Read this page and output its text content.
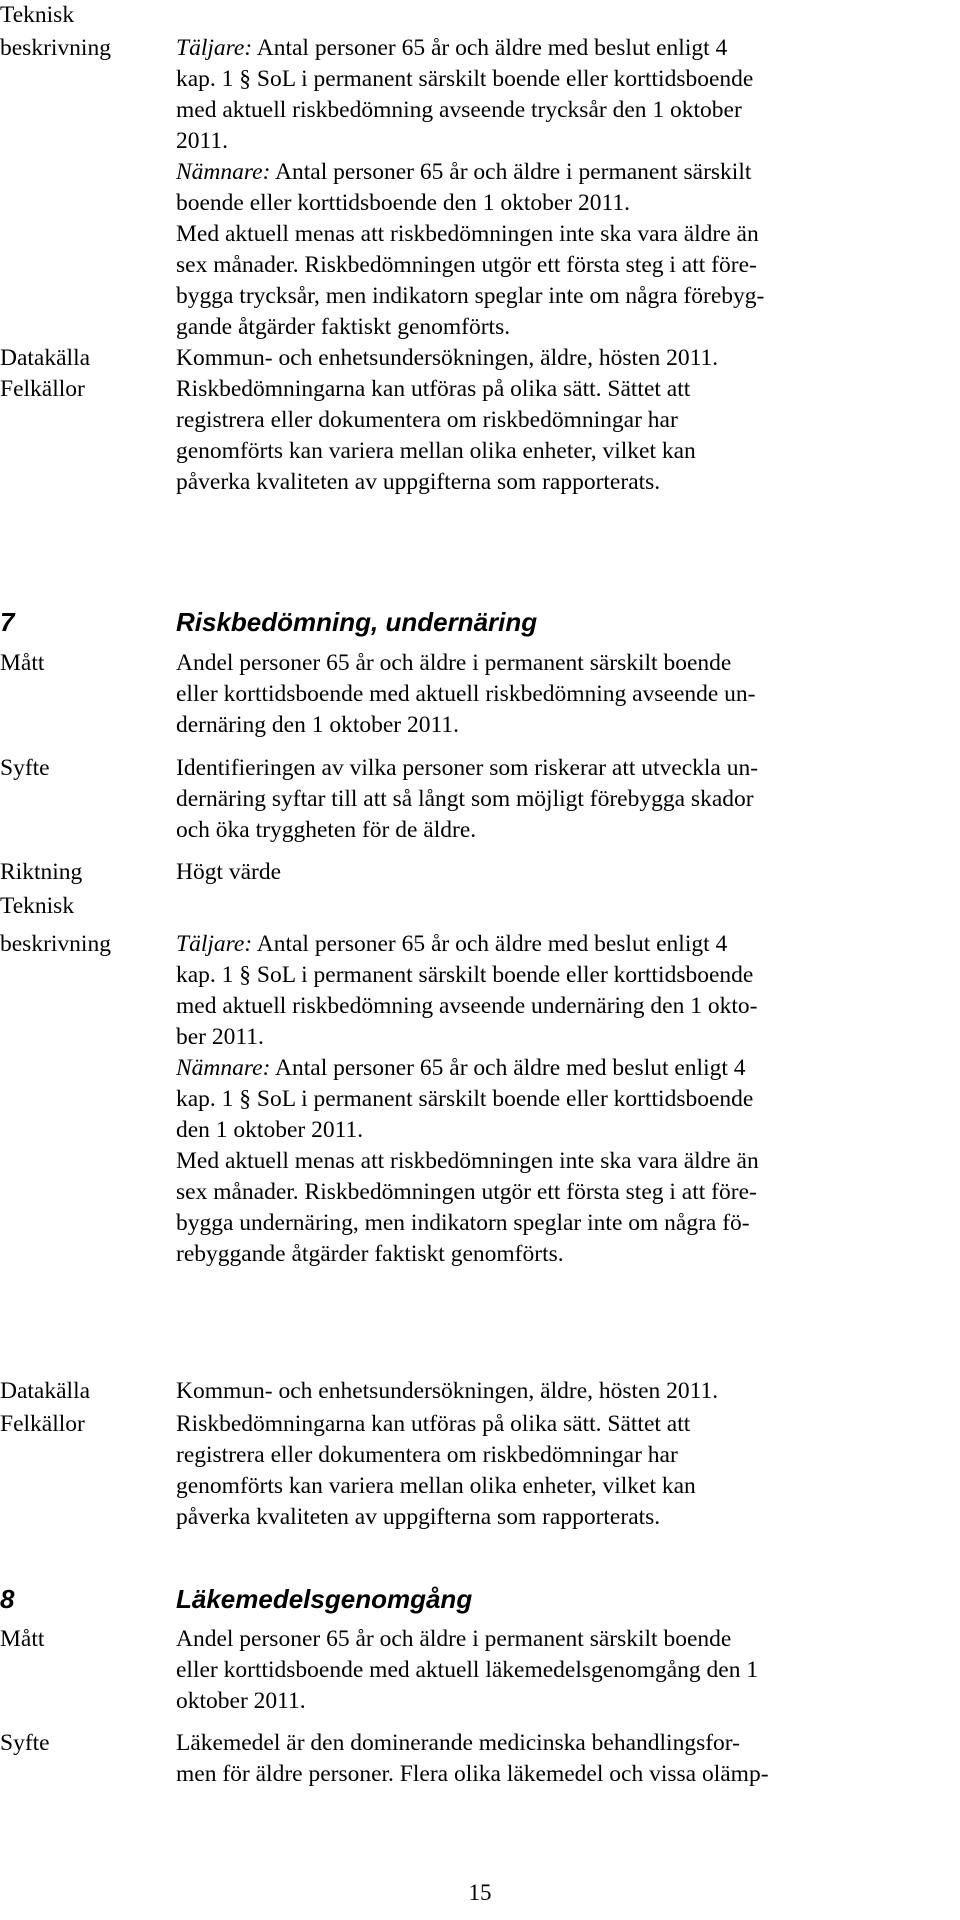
Teknisk
beskrivning	Täljare: Antal personer 65 år och äldre med beslut enligt 4
kap. 1 § SoL i permanent särskilt boende eller korttidsboende
med aktuell riskbedömning avseende trycksår den 1 oktober
2011.
Nämnare: Antal personer 65 år och äldre i permanent särskilt
boende eller korttidsboende den 1 oktober 2011.
Med aktuell menas att riskbedömningen inte ska vara äldre än
sex månader. Riskbedömningen utgör ett första steg i att före-
bygga trycksår, men indikatorn speglar inte om några förebyg-
gande åtgärder faktiskt genomförts.
Datakälla	Kommun- och enhetsundersökningen, äldre, hösten 2011.
Felkällor	Riskbedömningarna kan utföras på olika sätt. Sättet att
registrera eller dokumentera om riskbedömningar har
genomförts kan variera mellan olika enheter, vilket kan
påverka kvaliteten av uppgifterna som rapporterats.
7	Riskbedömning, undernäring
Mått	Andel personer 65 år och äldre i permanent särskilt boende
eller korttidsboende med aktuell riskbedömning avseende un-
dernäring den 1 oktober 2011.
Syfte	Identifieringen av vilka personer som riskerar att utveckla un-
dernäring syftar till att så långt som möjligt förebygga skador
och öka tryggheten för de äldre.
Riktning	Högt värde
Teknisk
beskrivning	Täljare: Antal personer 65 år och äldre med beslut enligt 4
kap. 1 § SoL i permanent särskilt boende eller korttidsboende
med aktuell riskbedömning avseende undernäring den 1 okto-
ber 2011.
Nämnare: Antal personer 65 år och äldre med beslut enligt 4
kap. 1 § SoL i permanent särskilt boende eller korttidsboende
den 1 oktober 2011.
Med aktuell menas att riskbedömningen inte ska vara äldre än
sex månader. Riskbedömningen utgör ett första steg i att före-
bygga undernäring, men indikatorn speglar inte om några fö-
rebyggande åtgärder faktiskt genomförts.
Datakälla	Kommun- och enhetsundersökningen, äldre, hösten 2011.
Felkällor	Riskbedömningarna kan utföras på olika sätt. Sättet att
registrera eller dokumentera om riskbedömningar har
genomförts kan variera mellan olika enheter, vilket kan
påverka kvaliteten av uppgifterna som rapporterats.
8	Läkemedelsgenomgång
Mått	Andel personer 65 år och äldre i permanent särskilt boende
eller korttidsboende med aktuell läkemedelsgenomgång den 1
oktober 2011.
Syfte	Läkemedel är den dominerande medicinska behandlingsfor-
men för äldre personer. Flera olika läkemedel och vissa olämp-
15
